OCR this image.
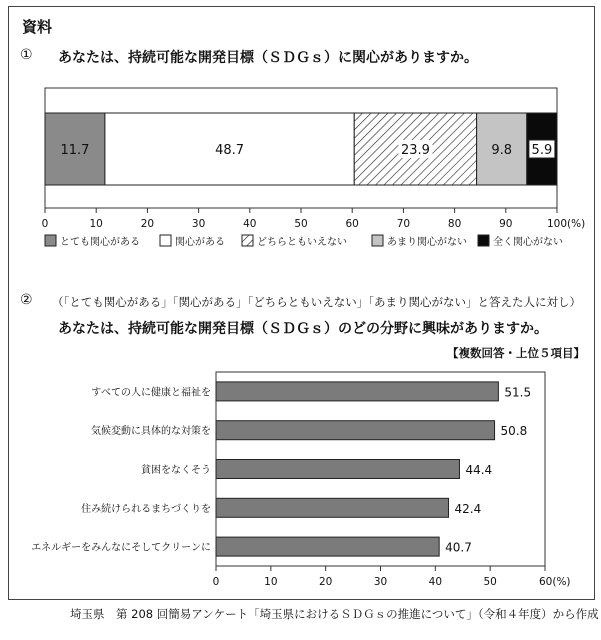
資料
① あなたは、持続可能な開発目標（ＳＤＧｓ）に関心がありますか。
② （「とても関心がある」「関心がある」「どちらともいえない」「あまり関心がない」と答えた人に対し）
あなたは、持続可能な開発目標（ＳＤＧｓ）のどの分野に興味がありますか。
【複数回答・上位５項目】
11.7	48.7	23.9	9.8 5.9
0	10	20	30	40	50	60	70	80	90	100(%)
とても関心がある	関心がある	どちらともいえない	あまり関心がない	全く関心がない
すべての人に健康と福祉を	51.5
気候変動に具体的な対策を	50.8
貧困をなくそう	44.4
住み続けられるまちづくりを	42.4
エネルギーをみんなにそしてクリーンに	40.7
0	10	20	30	40	50	60(%)
埼玉県　第 208 回簡易アンケート「埼玉県におけるＳＤＧｓの推進について」（令和４年度）から作成
